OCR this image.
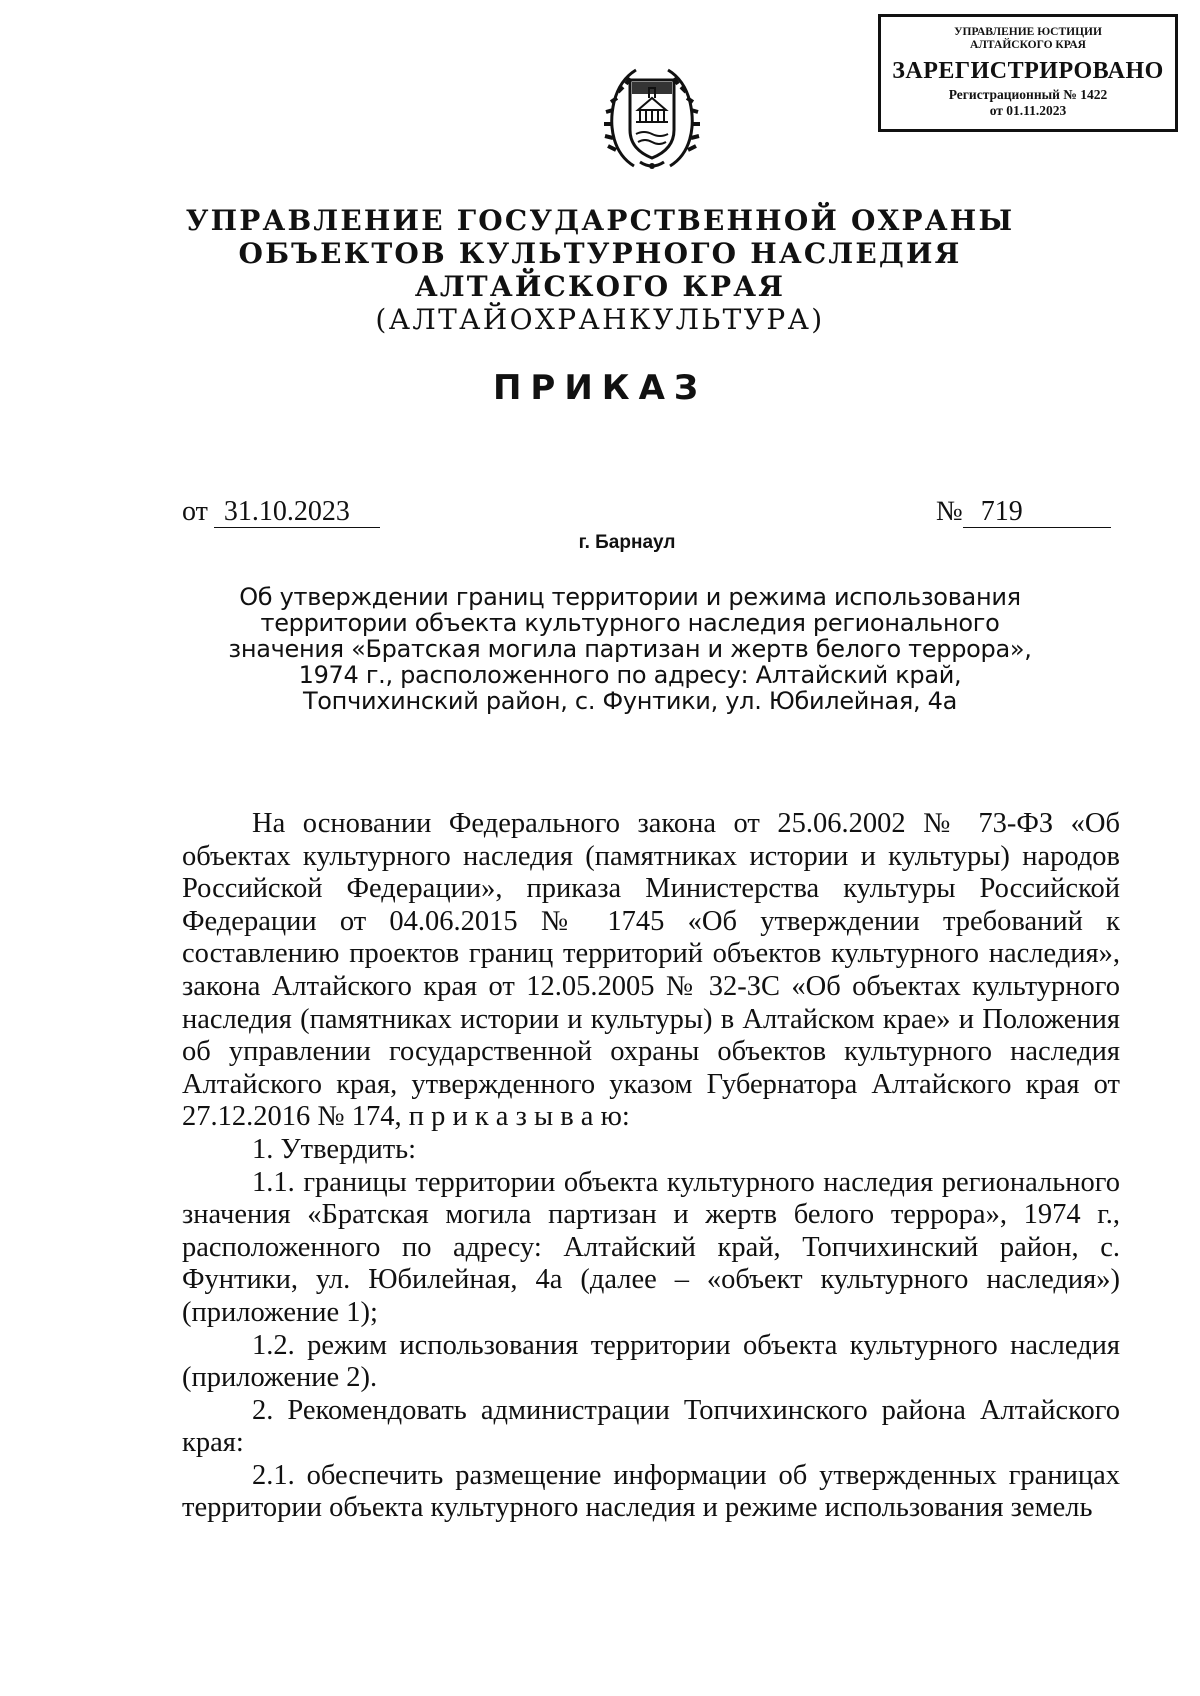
УПРАВЛЕНИЕ ЮСТИЦИИ
АЛТАЙСКОГО КРАЯ
ЗАРЕГИСТРИРОВАНО
Регистрационный № 1422
от 01.11.2023
УПРАВЛЕНИЕ ГОСУДАРСТВЕННОЙ ОХРАНЫ
ОБЪЕКТОВ КУЛЬТУРНОГО НАСЛЕДИЯ
АЛТАЙСКОГО КРАЯ
(АЛТАЙОХРАНКУЛЬТУРА)
ПРИКАЗ
от 31.10.2023	№ 719
г. Барнаул
Об утверждении границ территории и режима использования территории объекта культурного наследия регионального значения «Братская могила партизан и жертв белого террора», 1974 г., расположенного по адресу: Алтайский край, Топчихинский район, с. Фунтики, ул. Юбилейная, 4а

На основании Федерального закона от 25.06.2002 № 73-ФЗ «Об объектах культурного наследия (памятниках истории и культуры) народов Российской Федерации», приказа Министерства культуры Российской Федерации от 04.06.2015 № 1745 «Об утверждении требований к составлению проектов границ территорий объектов культурного наследия», закона Алтайского края от 12.05.2005 № 32-ЗС «Об объектах культурного наследия (памятниках истории и культуры) в Алтайском крае» и Положения об управлении государственной охраны объектов культурного наследия Алтайского края, утвержденного указом Губернатора Алтайского края от 27.12.2016 № 174, п р и к а з ы в а ю:

1. Утвердить:

1.1. границы территории объекта культурного наследия регионального значения «Братская могила партизан и жертв белого террора», 1974 г., расположенного по адресу: Алтайский край, Топчихинский район, с. Фунтики, ул. Юбилейная, 4а (далее – «объект культурного наследия») (приложение 1);

1.2. режим использования территории объекта культурного наследия (приложение 2).

2. Рекомендовать администрации Топчихинского района Алтайского края:

2.1. обеспечить размещение информации об утвержденных границах территории объекта культурного наследия и режиме использования земель
